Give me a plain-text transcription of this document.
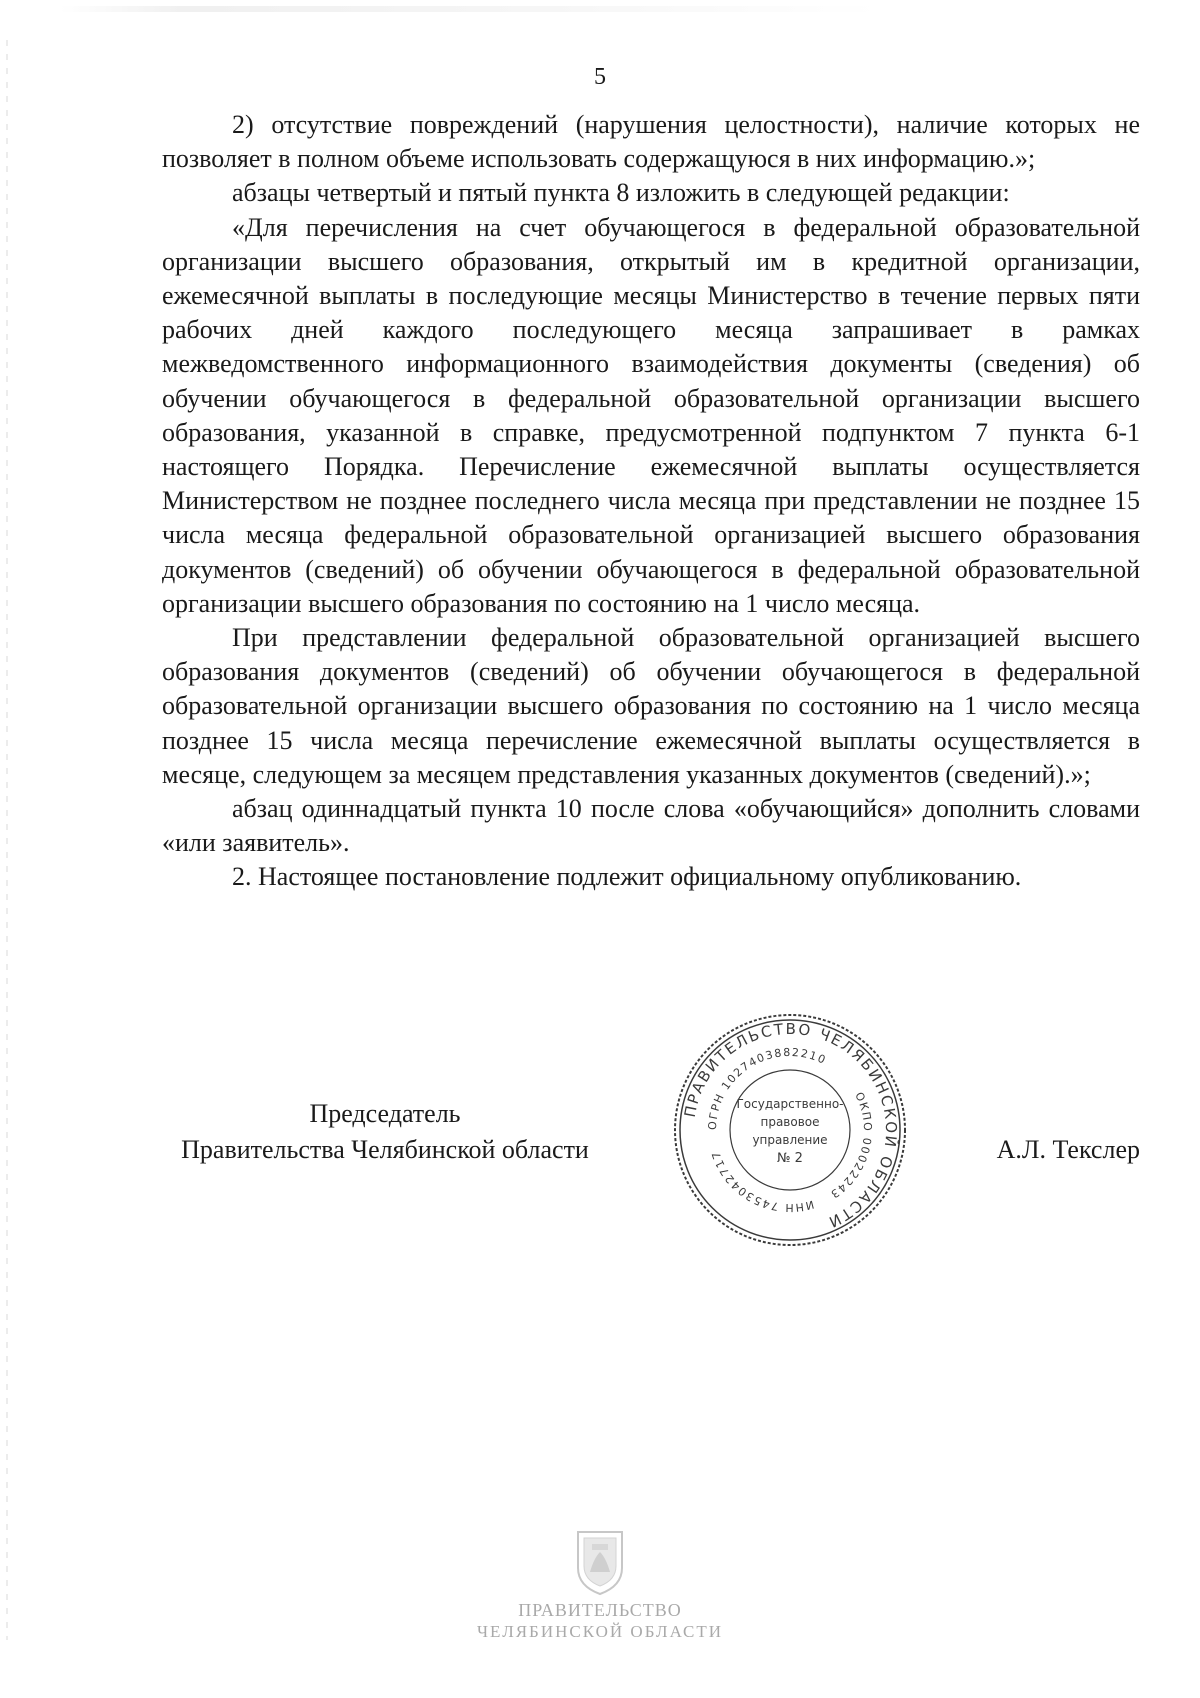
5

2) отсутствие повреждений (нарушения целостности), наличие которых не позволяет в полном объеме использовать содержащуюся в них информацию.»;

абзацы четвертый и пятый пункта 8 изложить в следующей редакции:

«Для перечисления на счет обучающегося в федеральной образовательной организации высшего образования, открытый им в кредитной организации, ежемесячной выплаты в последующие месяцы Министерство в течение первых пяти рабочих дней каждого последующего месяца запрашивает в рамках межведомственного информационного взаимодействия документы (сведения) об обучении обучающегося в федеральной образовательной организации высшего образования, указанной в справке, предусмотренной подпунктом 7 пункта 6-1 настоящего Порядка. Перечисление ежемесячной выплаты осуществляется Министерством не позднее последнего числа месяца при представлении не позднее 15 числа месяца федеральной образовательной организацией высшего образования документов (сведений) об обучении обучающегося в федеральной образовательной организации высшего образования по состоянию на 1 число месяца.

При представлении федеральной образовательной организацией высшего образования документов (сведений) об обучении обучающегося в федеральной образовательной организации высшего образования по состоянию на 1 число месяца позднее 15 числа месяца перечисление ежемесячной выплаты осуществляется в месяце, следующем за месяцем представления указанных документов (сведений).»;

абзац одиннадцатый пункта 10 после слова «обучающийся» дополнить словами «или заявитель».

2. Настоящее постановление подлежит официальному опубликованию.

Председатель
Правительства Челябинской области	А.Л. Текслер
ПРАВИТЕЛЬСТВО ЧЕЛЯБИНСКОЙ ОБЛАСТИ
ОГРН 1027403882210
ОКПО 00022243
ИНН 7453042717
Государственно-
правовое
управление
№ 2
ПРАВИТЕЛЬСТВО
ЧЕЛЯБИНСКОЙ ОБЛАСТИ
